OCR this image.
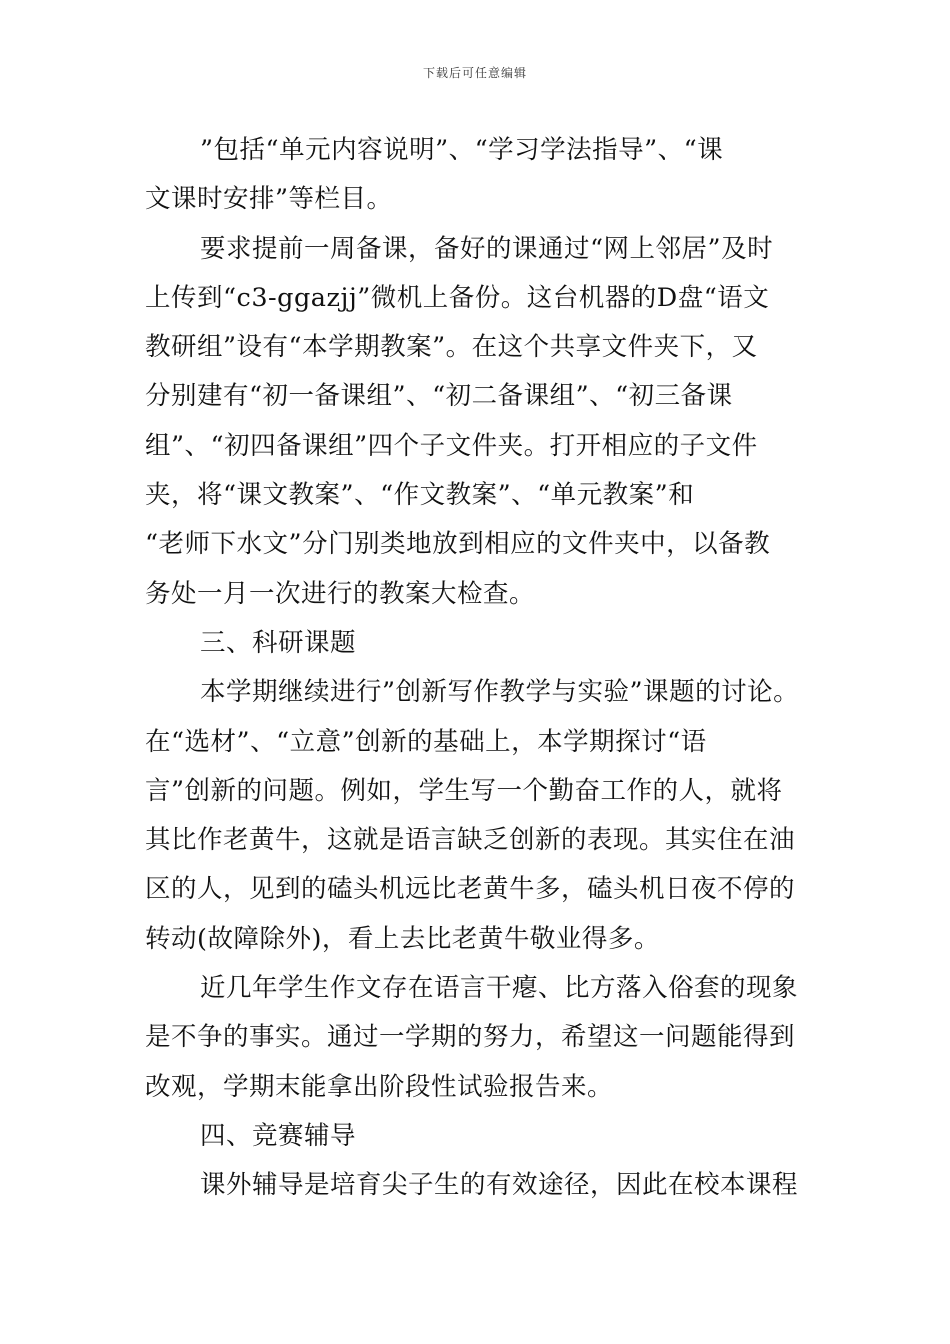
下载后可任意编辑
”包括“单元内容说明”、“学习学法指导”、“课
文课时安排”等栏目。
要求提前一周备课，备好的课通过“网上邻居”及时
上传到“c3-ggazjj”微机上备份。这台机器的D盘“语文
教研组”设有“本学期教案”。在这个共享文件夹下，又
分别建有“初一备课组”、“初二备课组”、“初三备课
组”、“初四备课组”四个子文件夹。打开相应的子文件
夹，将“课文教案”、“作文教案”、“单元教案”和
“老师下水文”分门别类地放到相应的文件夹中，以备教
务处一月一次进行的教案大检查。
三、科研课题
本学期继续进行”创新写作教学与实验”课题的讨论。
在“选材”、“立意”创新的基础上，本学期探讨“语
言”创新的问题。例如，学生写一个勤奋工作的人，就将
其比作老黄牛，这就是语言缺乏创新的表现。其实住在油
区的人，见到的磕头机远比老黄牛多，磕头机日夜不停的
转动(故障除外)，看上去比老黄牛敬业得多。
近几年学生作文存在语言干瘪、比方落入俗套的现象
是不争的事实。通过一学期的努力，希望这一问题能得到
改观，学期末能拿出阶段性试验报告来。
四、竞赛辅导
课外辅导是培育尖子生的有效途径，因此在校本课程
